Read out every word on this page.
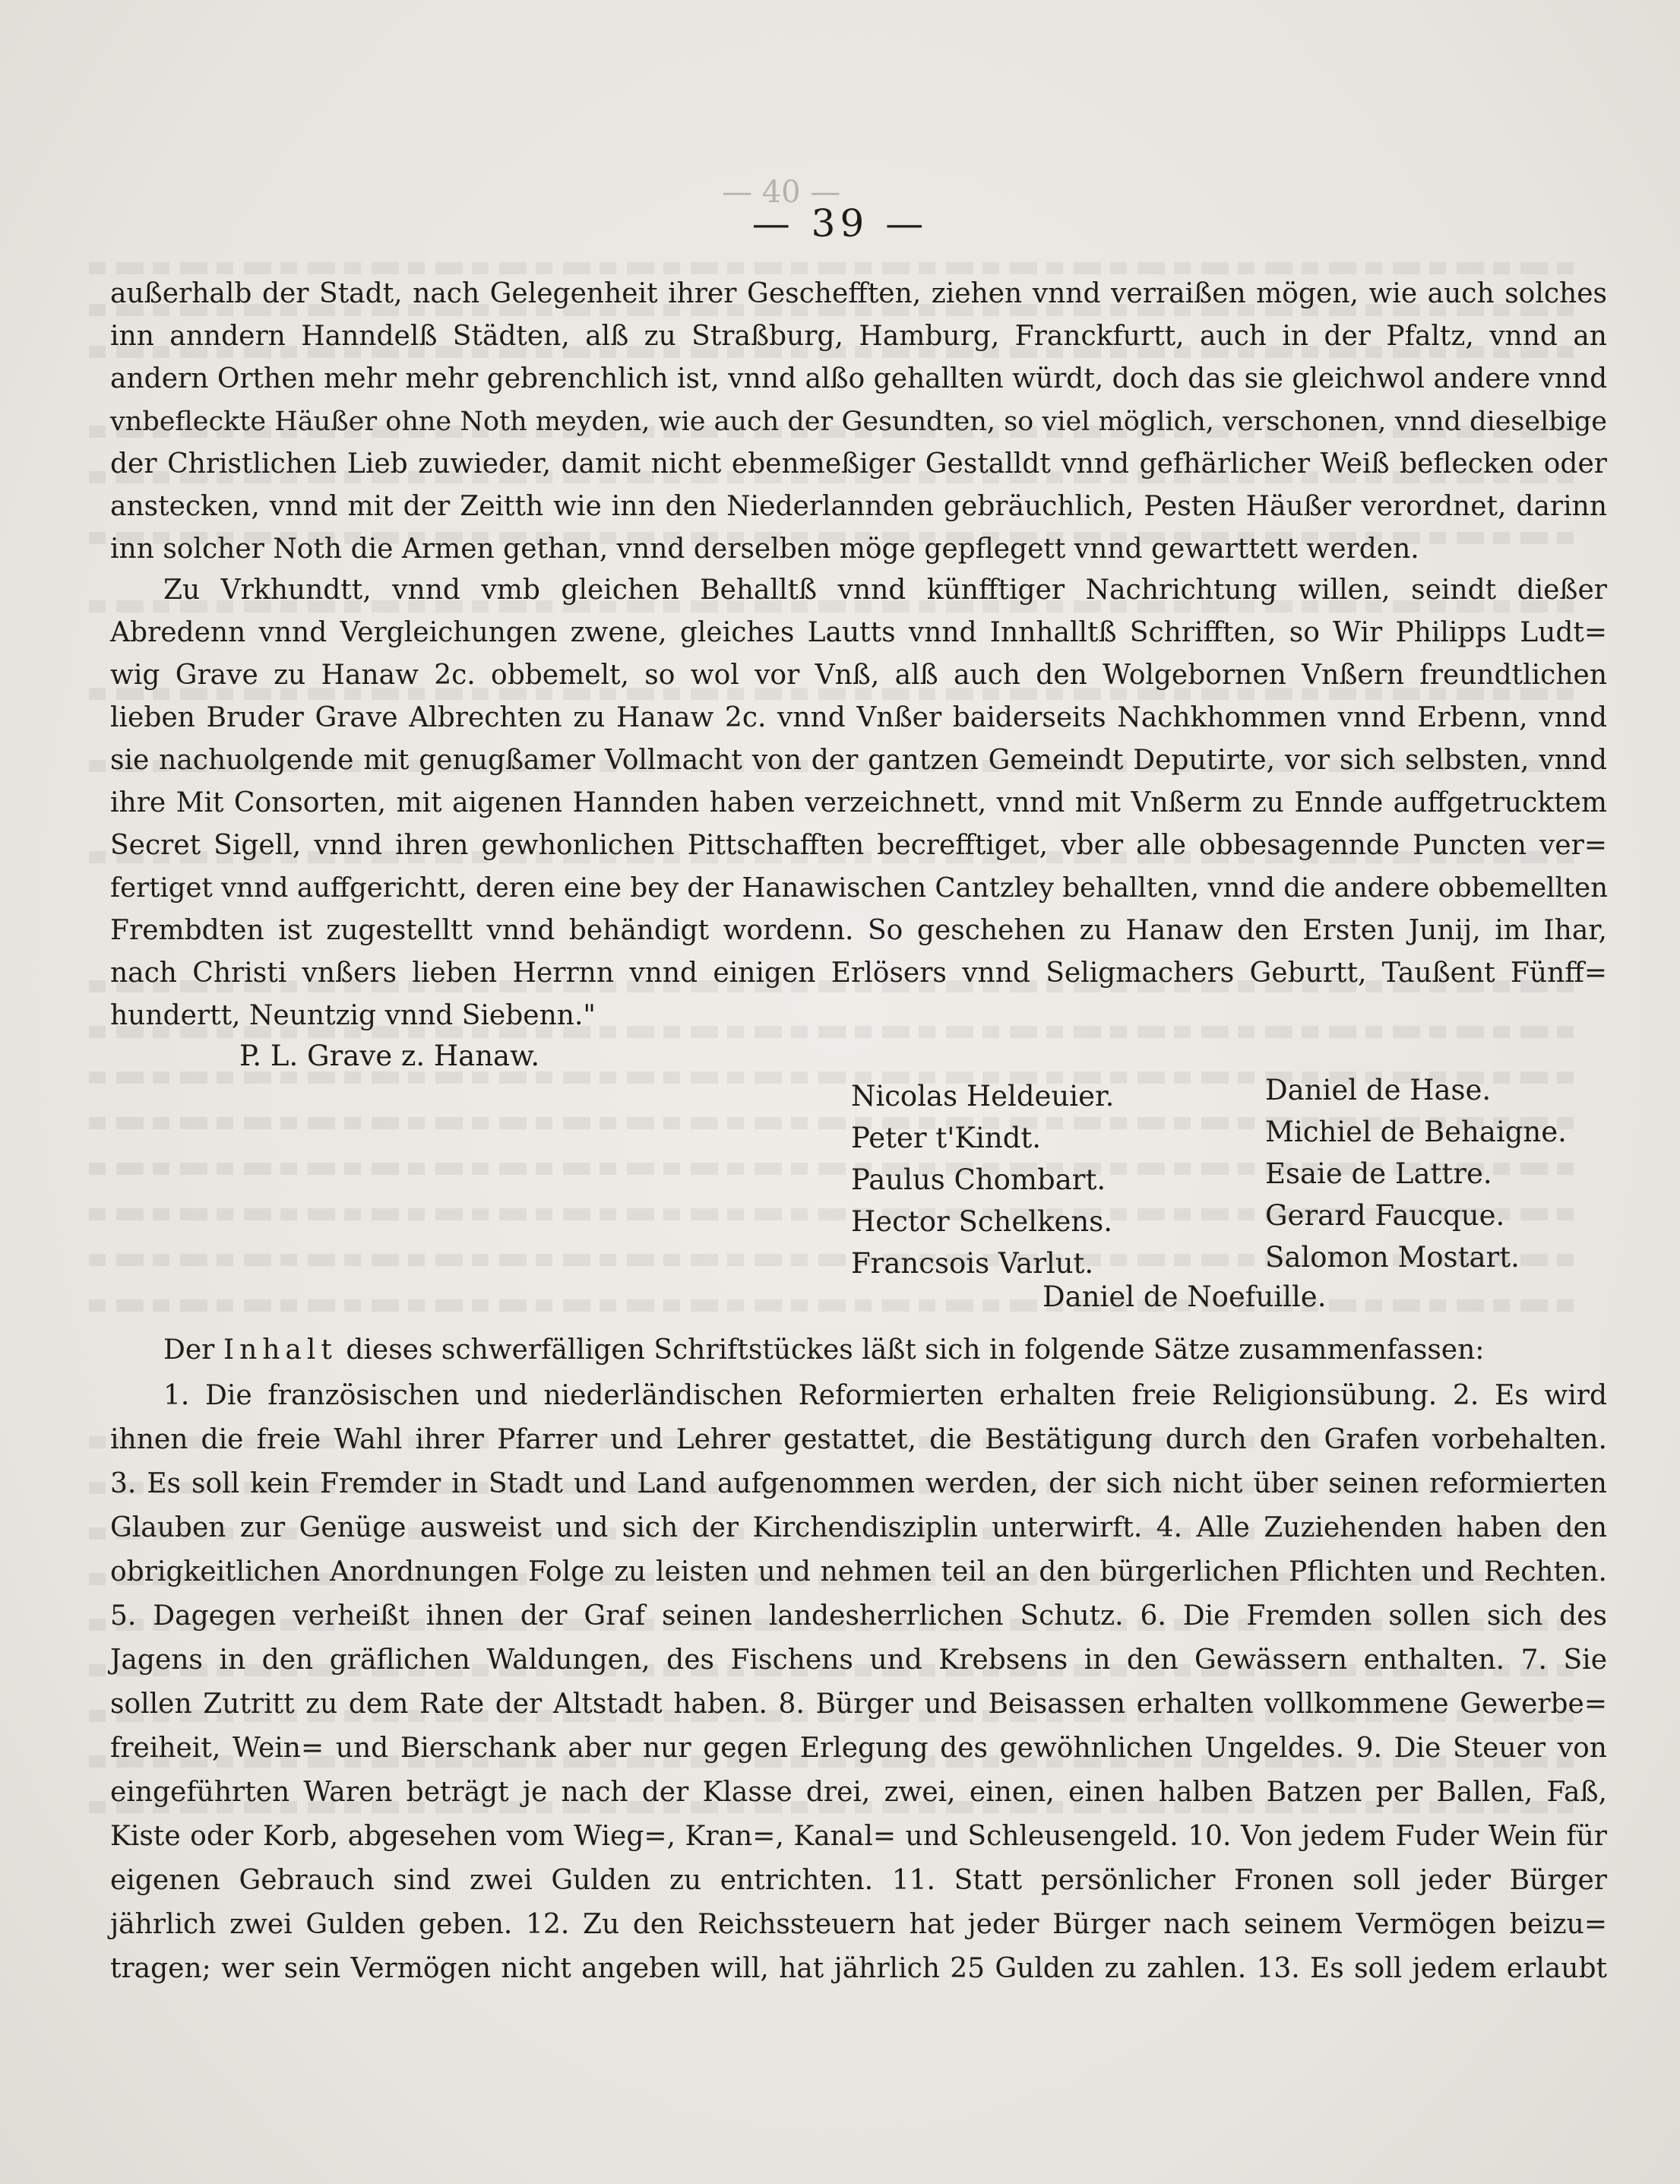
— 40 —
— 39 —
außerhalb der Stadt, nach Gelegenheit ihrer Geschefften, ziehen vnnd verraißen mögen, wie auch solches
inn anndern Hanndelß Städten, alß zu Straßburg, Hamburg, Franckfurtt, auch in der Pfaltz, vnnd an
andern Orthen mehr mehr gebrenchlich ist, vnnd alßo gehallten würdt, doch das sie gleichwol andere vnnd
vnbefleckte Häußer ohne Noth meyden, wie auch der Gesundten, so viel möglich, verschonen, vnnd dieselbige
der Christlichen Lieb zuwieder, damit nicht ebenmeßiger Gestalldt vnnd gefhärlicher Weiß beflecken oder
anstecken, vnnd mit der Zeitth wie inn den Niederlannden gebräuchlich, Pesten Häußer verordnet, darinn
inn solcher Noth die Armen gethan, vnnd derselben möge gepflegett vnnd gewarttett werden.
Zu Vrkhundtt, vnnd vmb gleichen Behalltß vnnd künfftiger Nachrichtung willen, seindt dießer
Abredenn vnnd Vergleichungen zwene, gleiches Lautts vnnd Innhalltß Schrifften, so Wir Philipps Ludt=
wig Grave zu Hanaw 2c. obbemelt, so wol vor Vnß, alß auch den Wolgebornen Vnßern freundtlichen
lieben Bruder Grave Albrechten zu Hanaw 2c. vnnd Vnßer baiderseits Nachkhommen vnnd Erbenn, vnnd
sie nachuolgende mit genugßamer Vollmacht von der gantzen Gemeindt Deputirte, vor sich selbsten, vnnd
ihre Mit Consorten, mit aigenen Hannden haben verzeichnett, vnnd mit Vnßerm zu Ennde auffgetrucktem
Secret Sigell, vnnd ihren gewhonlichen Pittschafften becrefftiget, vber alle obbesagennde Puncten ver=
fertiget vnnd auffgerichtt, deren eine bey der Hanawischen Cantzley behallten, vnnd die andere obbemellten
Frembdten ist zugestelltt vnnd behändigt wordenn. So geschehen zu Hanaw den Ersten Junij, im Ihar,
nach Christi vnßers lieben Herrnn vnnd einigen Erlösers vnnd Seligmachers Geburtt, Taußent Fünff=
hundertt, Neuntzig vnnd Siebenn."
P. L. Grave z. Hanaw.
Nicolas Heldeuier.
Peter t'Kindt.
Paulus Chombart.
Hector Schelkens.
Francsois Varlut.
Daniel de Hase.
Michiel de Behaigne.
Esaie de Lattre.
Gerard Faucque.
Salomon Mostart.
Daniel de Noefuille.
Der Inhalt dieses schwerfälligen Schriftstückes läßt sich in folgende Sätze zusammenfassen:
1. Die französischen und niederländischen Reformierten erhalten freie Religionsübung. 2. Es wird
ihnen die freie Wahl ihrer Pfarrer und Lehrer gestattet, die Bestätigung durch den Grafen vorbehalten.
3. Es soll kein Fremder in Stadt und Land aufgenommen werden, der sich nicht über seinen reformierten
Glauben zur Genüge ausweist und sich der Kirchendisziplin unterwirft. 4. Alle Zuziehenden haben den
obrigkeitlichen Anordnungen Folge zu leisten und nehmen teil an den bürgerlichen Pflichten und Rechten.
5. Dagegen verheißt ihnen der Graf seinen landesherrlichen Schutz. 6. Die Fremden sollen sich des
Jagens in den gräflichen Waldungen, des Fischens und Krebsens in den Gewässern enthalten. 7. Sie
sollen Zutritt zu dem Rate der Altstadt haben. 8. Bürger und Beisassen erhalten vollkommene Gewerbe=
freiheit, Wein= und Bierschank aber nur gegen Erlegung des gewöhnlichen Ungeldes. 9. Die Steuer von
eingeführten Waren beträgt je nach der Klasse drei, zwei, einen, einen halben Batzen per Ballen, Faß,
Kiste oder Korb, abgesehen vom Wieg=, Kran=, Kanal= und Schleusengeld. 10. Von jedem Fuder Wein für
eigenen Gebrauch sind zwei Gulden zu entrichten. 11. Statt persönlicher Fronen soll jeder Bürger
jährlich zwei Gulden geben. 12. Zu den Reichssteuern hat jeder Bürger nach seinem Vermögen beizu=
tragen; wer sein Vermögen nicht angeben will, hat jährlich 25 Gulden zu zahlen. 13. Es soll jedem erlaubt
